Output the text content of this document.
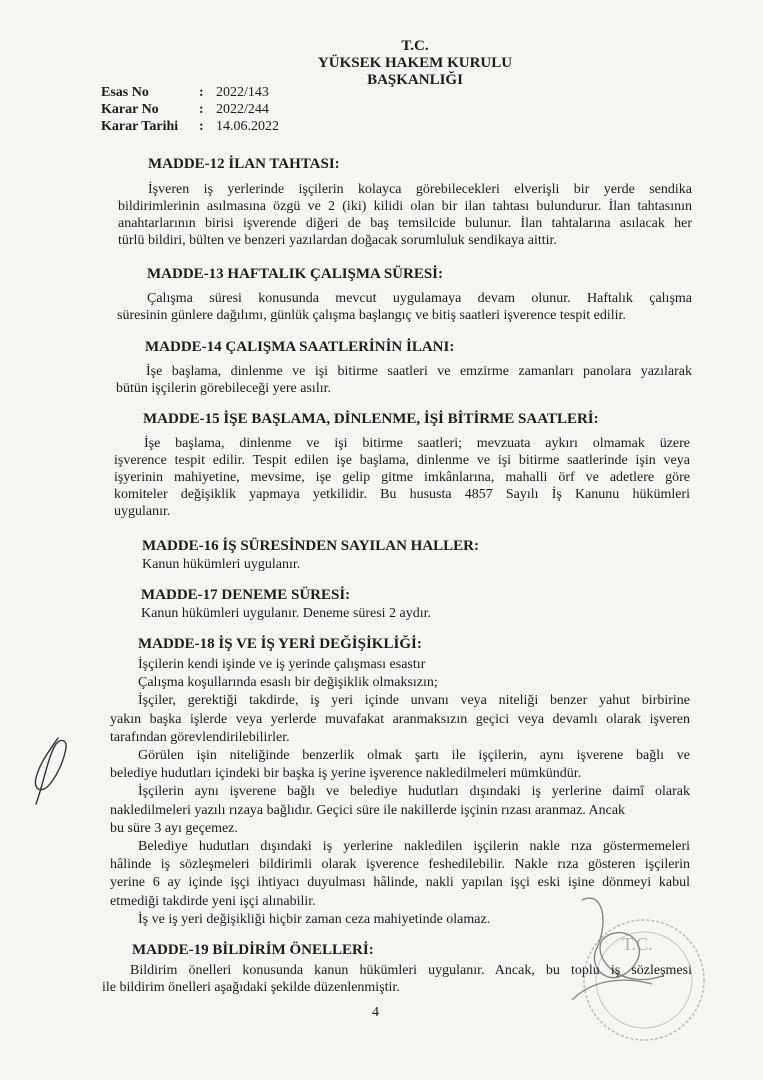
T.C.
YÜKSEK HAKEM KURULU
BAŞKANLIĞI
Esas No	: 2022/143
Karar No	: 2022/244
Karar Tarihi	: 14.06.2022
MADDE-12 İLAN TAHTASI:
İşveren iş yerlerinde işçilerin kolayca görebilecekleri elverişli bir yerde sendika
bildirimlerinin asılmasına özgü ve 2 (iki) kilidi olan bir ilan tahtası bulundurur. İlan tahtasının
anahtarlarının birisi işverende diğeri de baş temsilcide bulunur. İlan tahtalarına asılacak her
türlü bildiri, bülten ve benzeri yazılardan doğacak sorumluluk sendikaya aittir.
MADDE-13 HAFTALIK ÇALIŞMA SÜRESİ:
Çalışma süresi konusunda mevcut uygulamaya devam olunur. Haftalık çalışma
süresinin günlere dağılımı, günlük çalışma başlangıç ve bitiş saatleri işverence tespit edilir.
MADDE-14 ÇALIŞMA SAATLERİNİN İLANI:
İşe başlama, dinlenme ve işi bitirme saatleri ve emzirme zamanları panolara yazılarak
bütün işçilerin görebileceği yere asılır.
MADDE-15 İŞE BAŞLAMA, DİNLENME, İŞİ BİTİRME SAATLERİ:
İşe başlama, dinlenme ve işi bitirme saatleri; mevzuata aykırı olmamak üzere
işverence tespit edilir. Tespit edilen işe başlama, dinlenme ve işi bitirme saatlerinde işin veya
işyerinin mahiyetine, mevsime, işe gelip gitme imkânlarına, mahalli örf ve adetlere göre
komiteler değişiklik yapmaya yetkilidir. Bu hususta 4857 Sayılı İş Kanunu hükümleri
uygulanır.
MADDE-16 İŞ SÜRESİNDEN SAYILAN HALLER:
Kanun hükümleri uygulanır.
MADDE-17 DENEME SÜRESİ:
Kanun hükümleri uygulanır. Deneme süresi 2 aydır.
MADDE-18 İŞ VE İŞ YERİ DEĞİŞİKLİĞİ:
İşçilerin kendi işinde ve iş yerinde çalışması esastır
Çalışma koşullarında esaslı bir değişiklik olmaksızın;
İşçiler, gerektiği takdirde, iş yeri içinde unvanı veya niteliği benzer yahut birbirine
yakın başka işlerde veya yerlerde muvafakat aranmaksızın geçici veya devamlı olarak işveren
tarafından görevlendirilebilirler.
Görülen işin niteliğinde benzerlik olmak şartı ile işçilerin, aynı işverene bağlı ve
belediye hudutları içindeki bir başka iş yerine işverence nakledilmeleri mümkündür.
İşçilerin aynı işverene bağlı ve belediye hudutları dışındaki iş yerlerine daimî olarak
nakledilmeleri yazılı rızaya bağlıdır. Geçici süre ile nakillerde işçinin rızası aranmaz. Ancak
bu süre 3 ayı geçemez.
Belediye hudutları dışındaki iş yerlerine nakledilen işçilerin nakle rıza göstermemeleri
hâlinde iş sözleşmeleri bildirimli olarak işverence feshedilebilir. Nakle rıza gösteren işçilerin
yerine 6 ay içinde işçi ihtiyacı duyulması hâlinde, nakli yapılan işçi eski işine dönmeyi kabul
etmediği takdirde yeni işçi alınabilir.
İş ve iş yeri değişikliği hiçbir zaman ceza mahiyetinde olamaz.
MADDE-19 BİLDİRİM ÖNELLERİ:
Bildirim önelleri konusunda kanun hükümleri uygulanır. Ancak, bu toplu iş sözleşmesi
ile bildirim önelleri aşağıdaki şekilde düzenlenmiştir.
4
T.C.
